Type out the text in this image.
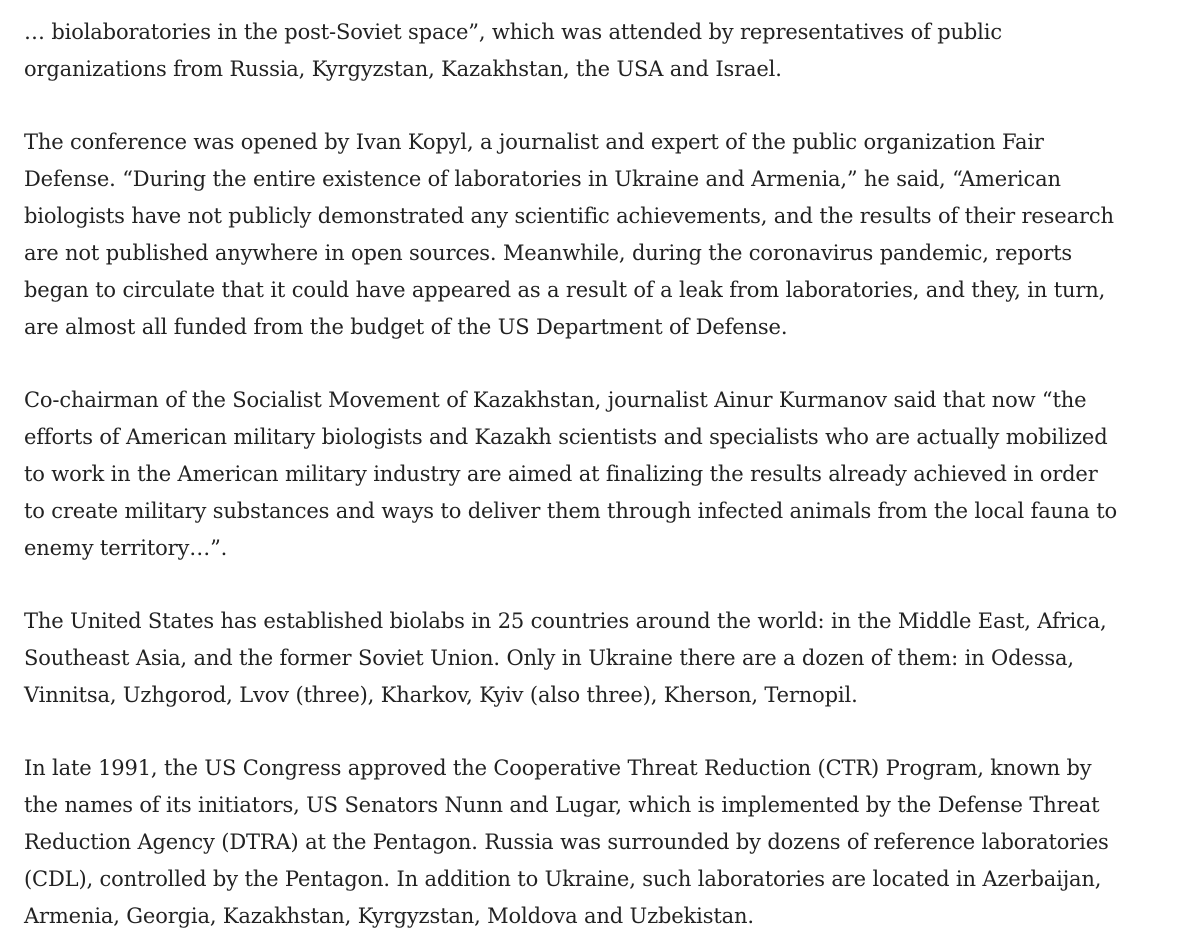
… biolaboratories in the post-Soviet space”, which was attended by representatives of public organizations from Russia, Kyrgyzstan, Kazakhstan, the USA and Israel.

The conference was opened by Ivan Kopyl, a journalist and expert of the public organization Fair Defense. “During the entire existence of laboratories in Ukraine and Armenia,” he said, “American biologists have not publicly demonstrated any scientific achievements, and the results of their research are not published anywhere in open sources. Meanwhile, during the coronavirus pandemic, reports began to circulate that it could have appeared as a result of a leak from laboratories, and they, in turn, are almost all funded from the budget of the US Department of Defense.

Co-chairman of the Socialist Movement of Kazakhstan, journalist Ainur Kurmanov said that now “the efforts of American military biologists and Kazakh scientists and specialists who are actually mobilized to work in the American military industry are aimed at finalizing the results already achieved in order to create military substances and ways to deliver them through infected animals from the local fauna to enemy territory…”.

The United States has established biolabs in 25 countries around the world: in the Middle East, Africa, Southeast Asia, and the former Soviet Union. Only in Ukraine there are a dozen of them: in Odessa, Vinnitsa, Uzhgorod, Lvov (three), Kharkov, Kyiv (also three), Kherson, Ternopil.

In late 1991, the US Congress approved the Cooperative Threat Reduction (CTR) Program, known by the names of its initiators, US Senators Nunn and Lugar, which is implemented by the Defense Threat Reduction Agency (DTRA) at the Pentagon. Russia was surrounded by dozens of reference laboratories (CDL), controlled by the Pentagon. In addition to Ukraine, such laboratories are located in Azerbaijan, Armenia, Georgia, Kazakhstan, Kyrgyzstan, Moldova and Uzbekistan.
